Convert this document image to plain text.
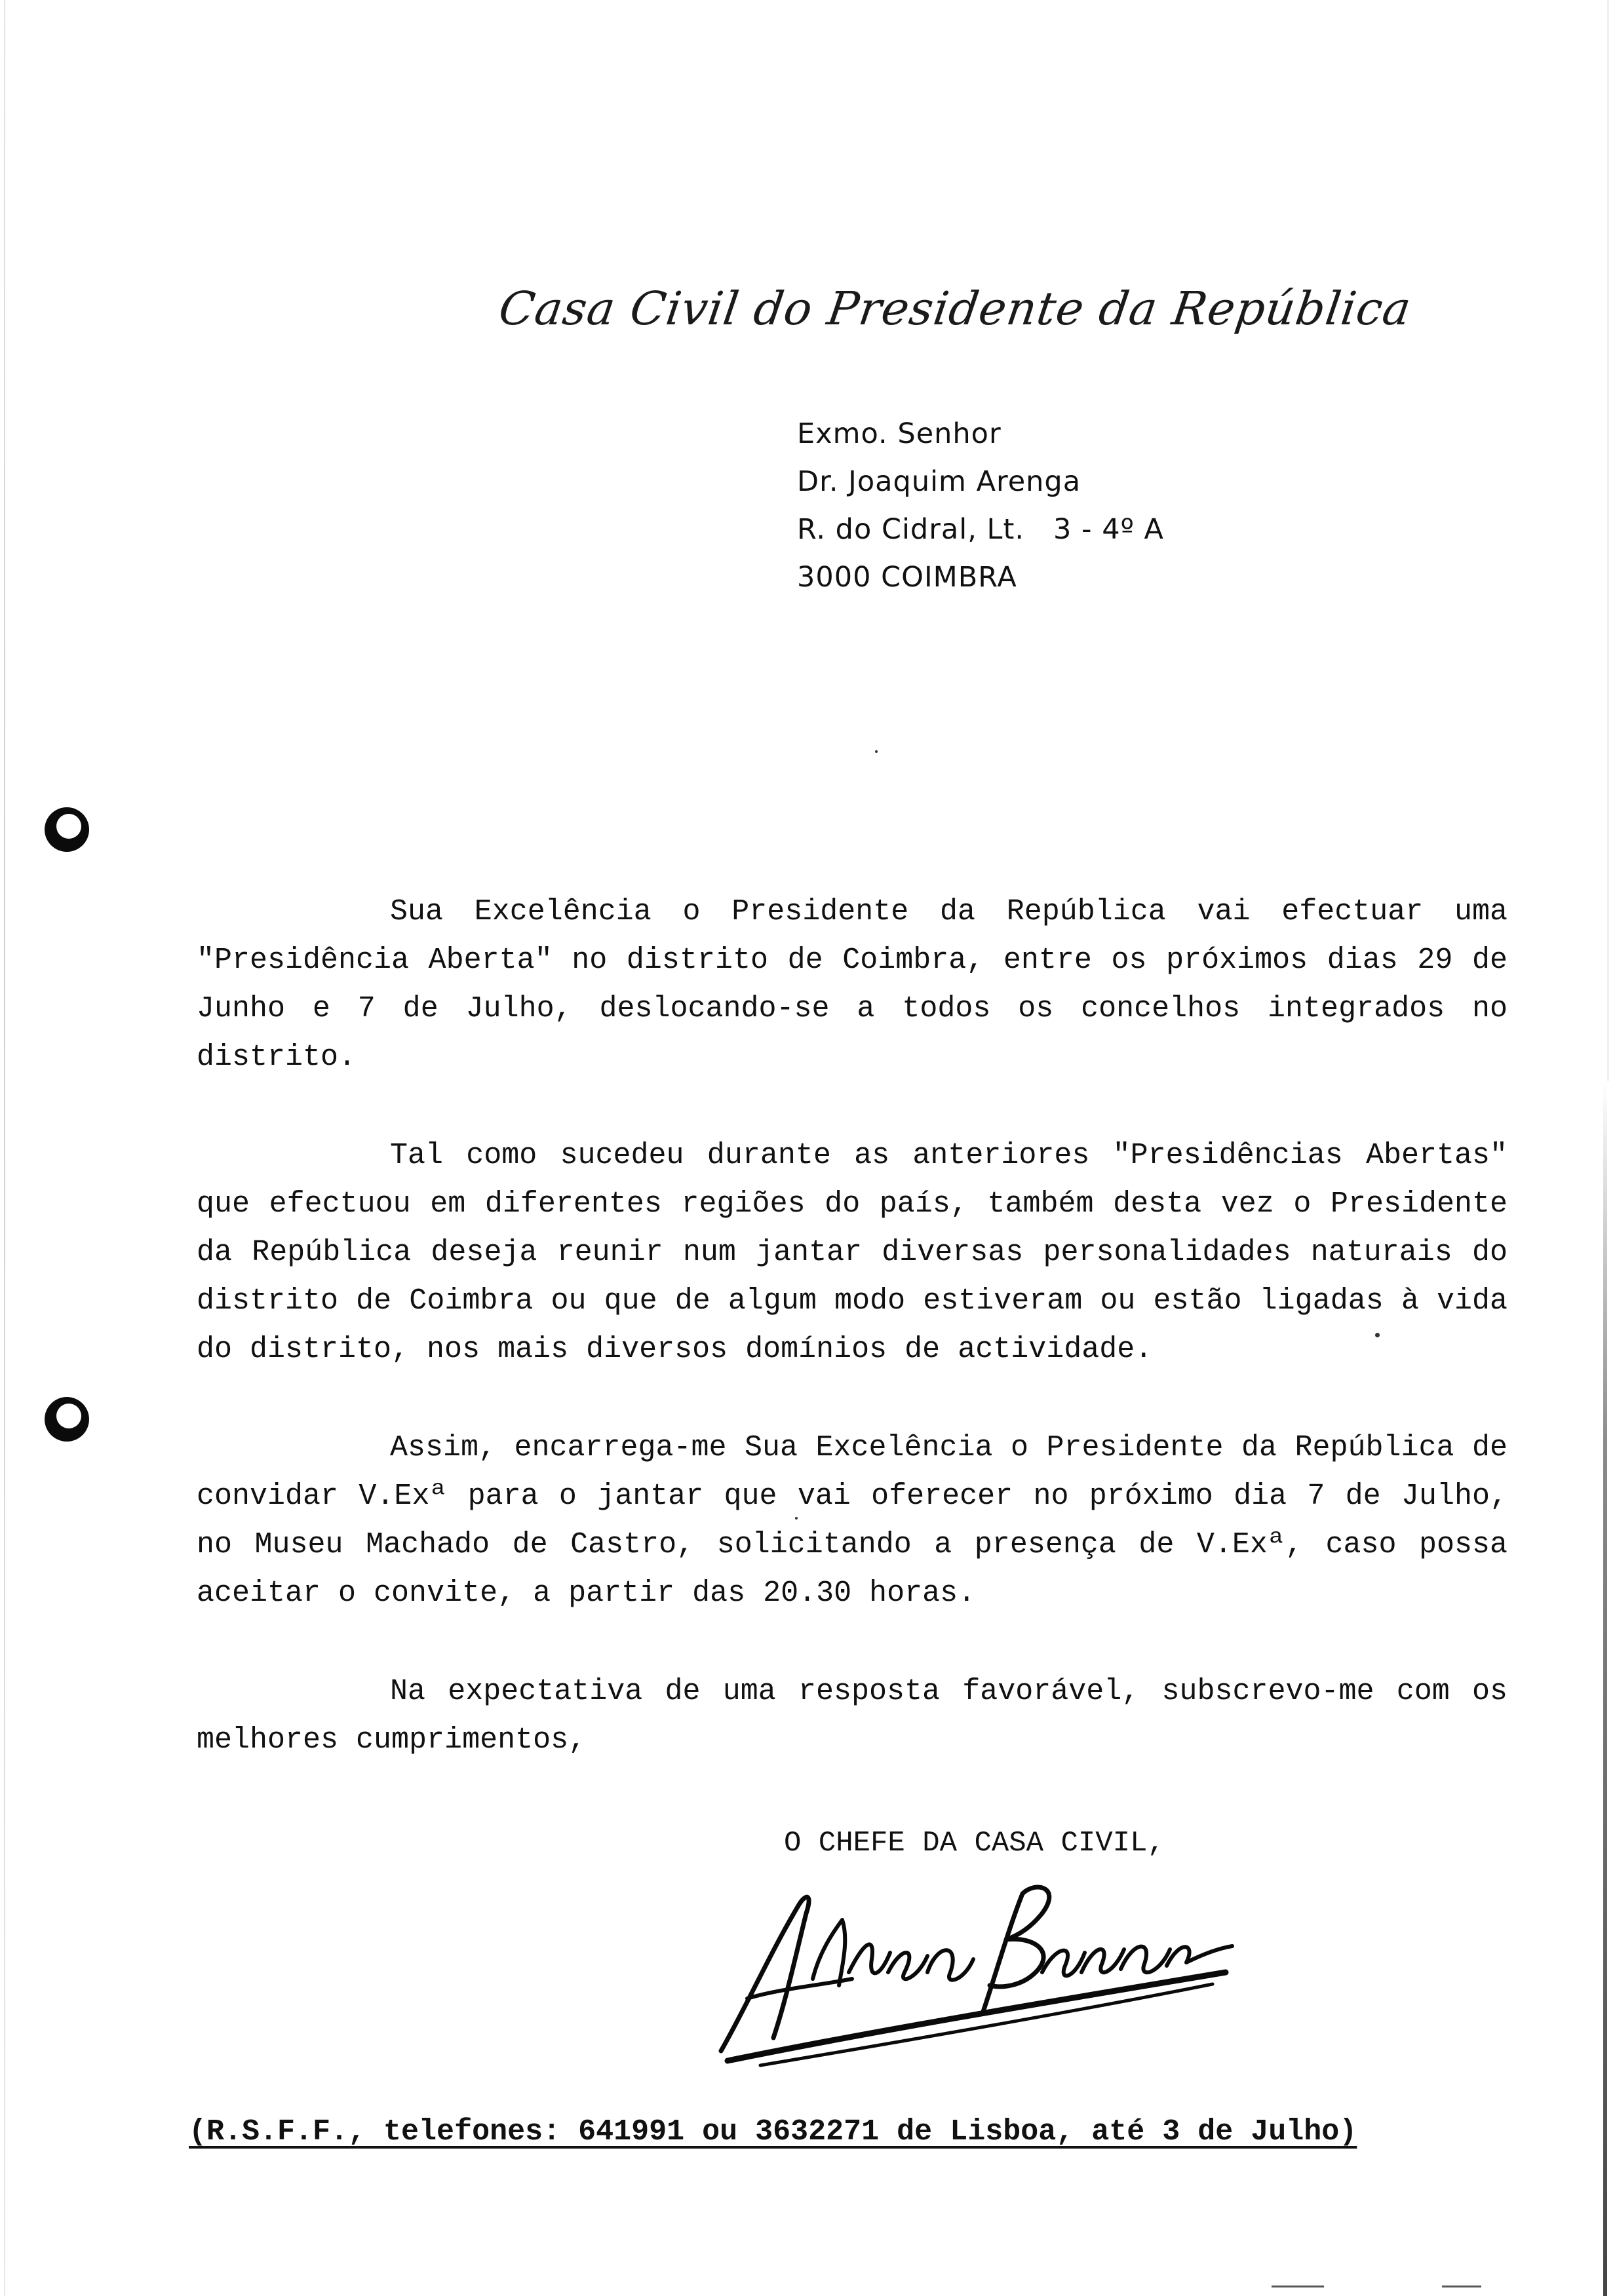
Casa Civil do Presidente da República
Exmo. Senhor
Dr. Joaquim Arenga
R. do Cidral, Lt.   3 - 4º A
3000 COIMBRA

Sua Excelência o Presidente da República vai efectuar uma "Presidência Aberta" no distrito de Coimbra, entre os próximos dias 29 de Junho e 7 de Julho, deslocando-se a todos os concelhos integrados no distrito.

Tal como sucedeu durante as anteriores "Presidências Abertas" que efectuou em diferentes regiões do país, também desta vez o Presidente da República deseja reunir num jantar diversas personalidades naturais do distrito de Coimbra ou que de algum modo estiveram ou estão ligadas à vida do distrito, nos mais diversos domínios de actividade.

Assim, encarrega-me Sua Excelência o Presidente da República de convidar V.Exª para o jantar que vai oferecer no próximo dia 7 de Julho, no Museu Machado de Castro, solicitando a presença de V.Exª, caso possa aceitar o convite, a partir das 20.30 horas.

Na expectativa de uma resposta favorável, subscrevo-me com os melhores cumprimentos,

O CHEFE DA CASA CIVIL,
(R.S.F.F., telefones: 641991 ou 3632271 de Lisboa, até 3 de Julho)
